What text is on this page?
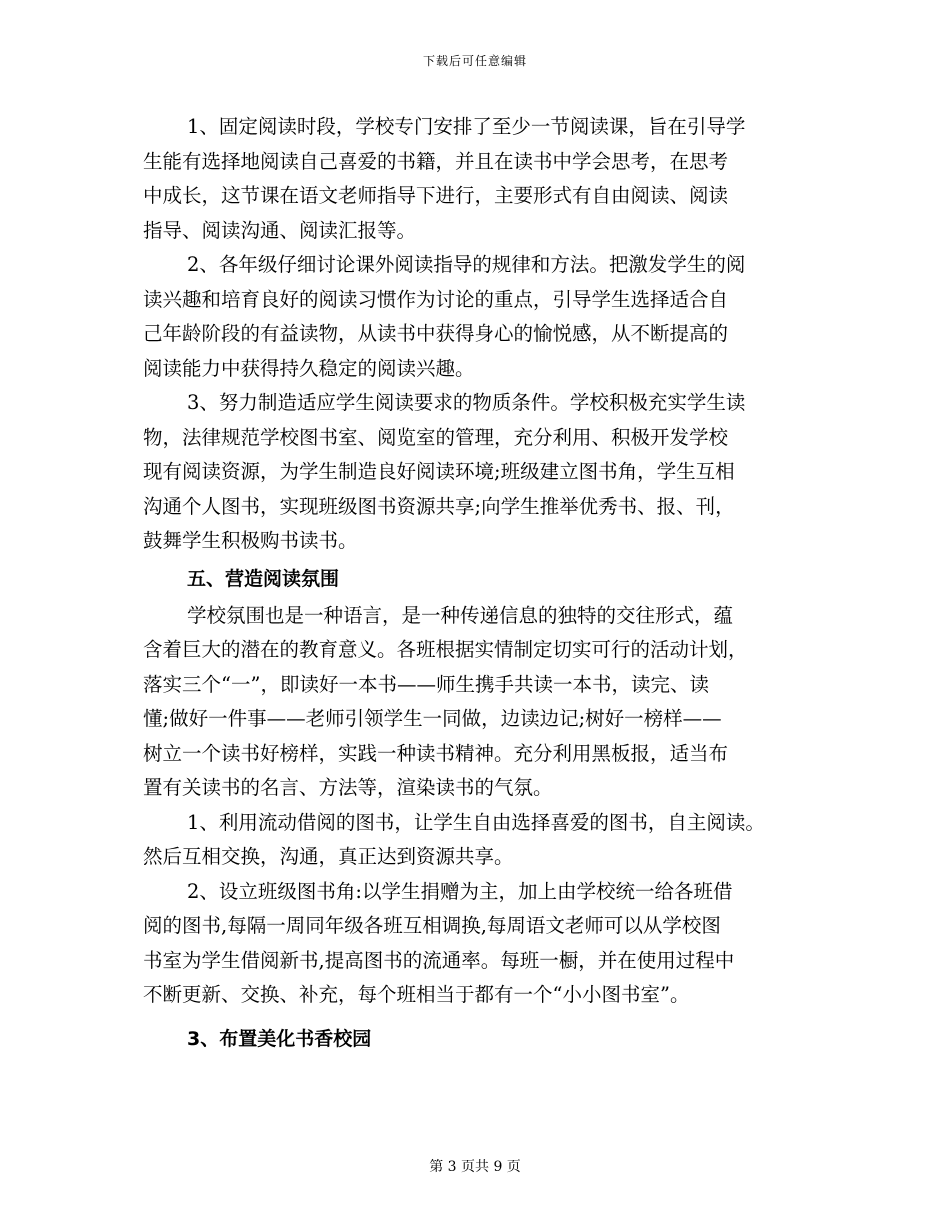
下载后可任意编辑
1、固定阅读时段，学校专门安排了至少一节阅读课，旨在引导学
生能有选择地阅读自己喜爱的书籍，并且在读书中学会思考，在思考
中成长，这节课在语文老师指导下进行，主要形式有自由阅读、阅读
指导、阅读沟通、阅读汇报等。
2、各年级仔细讨论课外阅读指导的规律和方法。把激发学生的阅
读兴趣和培育良好的阅读习惯作为讨论的重点，引导学生选择适合自
己年龄阶段的有益读物，从读书中获得身心的愉悦感，从不断提高的
阅读能力中获得持久稳定的阅读兴趣。
3、努力制造适应学生阅读要求的物质条件。学校积极充实学生读
物，法律规范学校图书室、阅览室的管理，充分利用、积极开发学校
现有阅读资源，为学生制造良好阅读环境;班级建立图书角，学生互相
沟通个人图书，实现班级图书资源共享;向学生推举优秀书、报、刊，
鼓舞学生积极购书读书。
五、营造阅读氛围
学校氛围也是一种语言，是一种传递信息的独特的交往形式，蕴
含着巨大的潜在的教育意义。各班根据实情制定切实可行的活动计划，
落实三个“一”，即读好一本书——师生携手共读一本书，读完、读
懂;做好一件事——老师引领学生一同做，边读边记;树好一榜样——
树立一个读书好榜样，实践一种读书精神。充分利用黑板报，适当布
置有关读书的名言、方法等，渲染读书的气氛。
1、利用流动借阅的图书，让学生自由选择喜爱的图书，自主阅读。
然后互相交换，沟通，真正达到资源共享。
2、设立班级图书角:以学生捐赠为主，加上由学校统一给各班借
阅的图书,每隔一周同年级各班互相调换,每周语文老师可以从学校图
书室为学生借阅新书,提高图书的流通率。每班一橱，并在使用过程中
不断更新、交换、补充，每个班相当于都有一个“小小图书室”。
3、布置美化书香校园
第 3 页共 9 页
